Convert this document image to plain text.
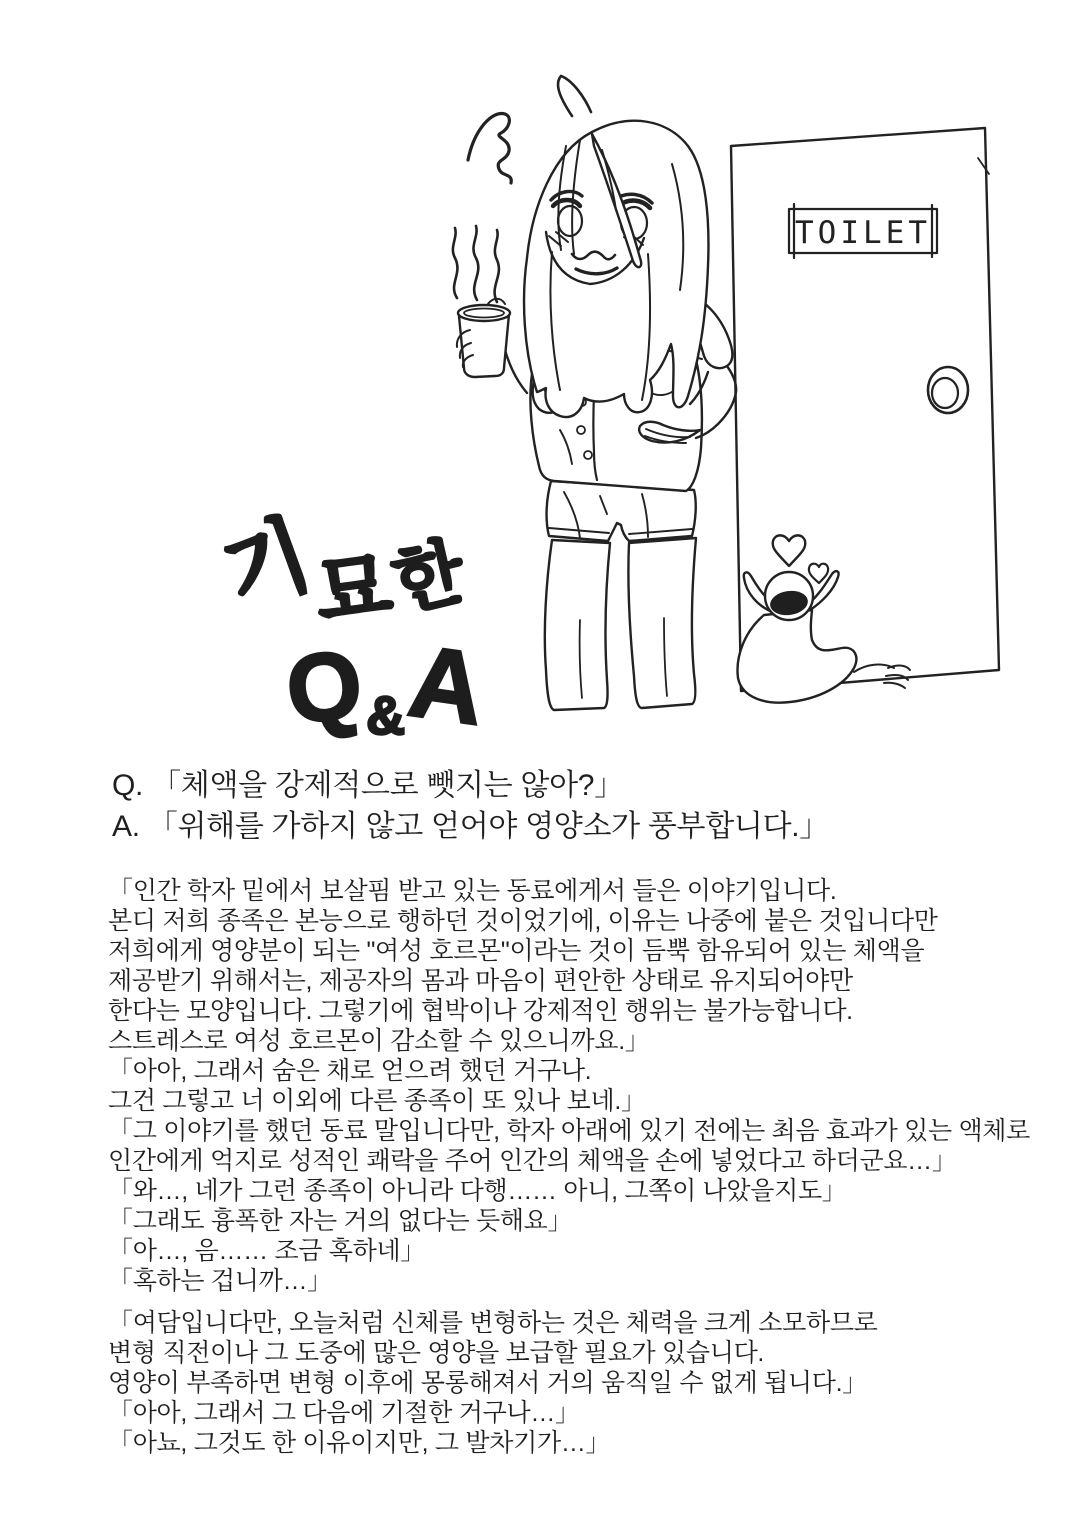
TOILET
기 묘 한
Q & A
Q. 「체액을 강제적으로 뺏지는 않아?」
A. 「위해를 가하지 않고 얻어야 영양소가 풍부합니다.」
「인간 학자 밑에서 보살핌 받고 있는 동료에게서 들은 이야기입니다.
본디 저희 종족은 본능으로 행하던 것이었기에, 이유는 나중에 붙은 것입니다만
저희에게 영양분이 되는 "여성 호르몬"이라는 것이 듬뿍 함유되어 있는 체액을
제공받기 위해서는, 제공자의 몸과 마음이 편안한 상태로 유지되어야만
한다는 모양입니다. 그렇기에 협박이나 강제적인 행위는 불가능합니다.
스트레스로 여성 호르몬이 감소할 수 있으니까요.」
「아아, 그래서 숨은 채로 얻으려 했던 거구나.
그건 그렇고 너 이외에 다른 종족이 또 있나 보네.」
「그 이야기를 했던 동료 말입니다만, 학자 아래에 있기 전에는 최음 효과가 있는 액체로
인간에게 억지로 성적인 쾌락을 주어 인간의 체액을 손에 넣었다고 하더군요…」
「와…, 네가 그런 종족이 아니라 다행…… 아니, 그쪽이 나았을지도」
「그래도 흉폭한 자는 거의 없다는 듯해요」
「아…, 음…… 조금 혹하네」
「혹하는 겁니까…」
「여담입니다만, 오늘처럼 신체를 변형하는 것은 체력을 크게 소모하므로
변형 직전이나 그 도중에 많은 영양을 보급할 필요가 있습니다.
영양이 부족하면 변형 이후에 몽롱해져서 거의 움직일 수 없게 됩니다.」
「아아, 그래서 그 다음에 기절한 거구나…」
「아뇨, 그것도 한 이유이지만, 그 발차기가…」
